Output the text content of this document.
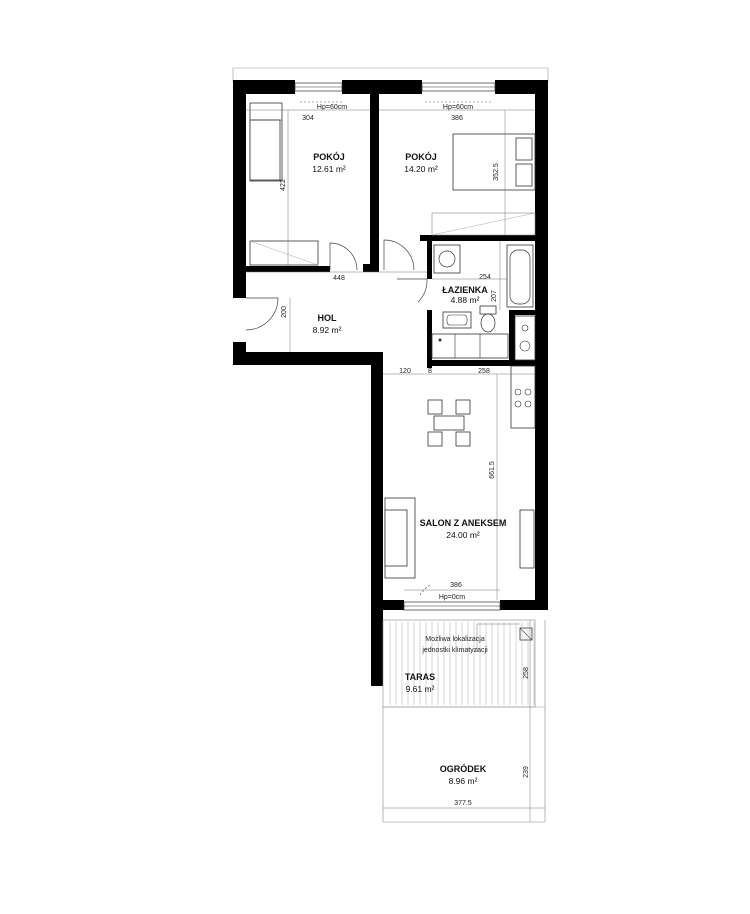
POKÓJ
12.61 m²
POKÓJ
14.20 m²
ŁAZIENKA
4.88 m²
HOL
8.92 m²
SALON Z ANEKSEM
24.00 m²
TARAS
9.61 m²
OGRÓDEK
8.96 m²
304
422
386
352.5
448
200
254
207
120 8	258
661.5
386
258
239
377.5
Hp=60cm	Hp=60cm
Hp=0cm
Możliwa lokalizacja
jednostki klimatyzacji
